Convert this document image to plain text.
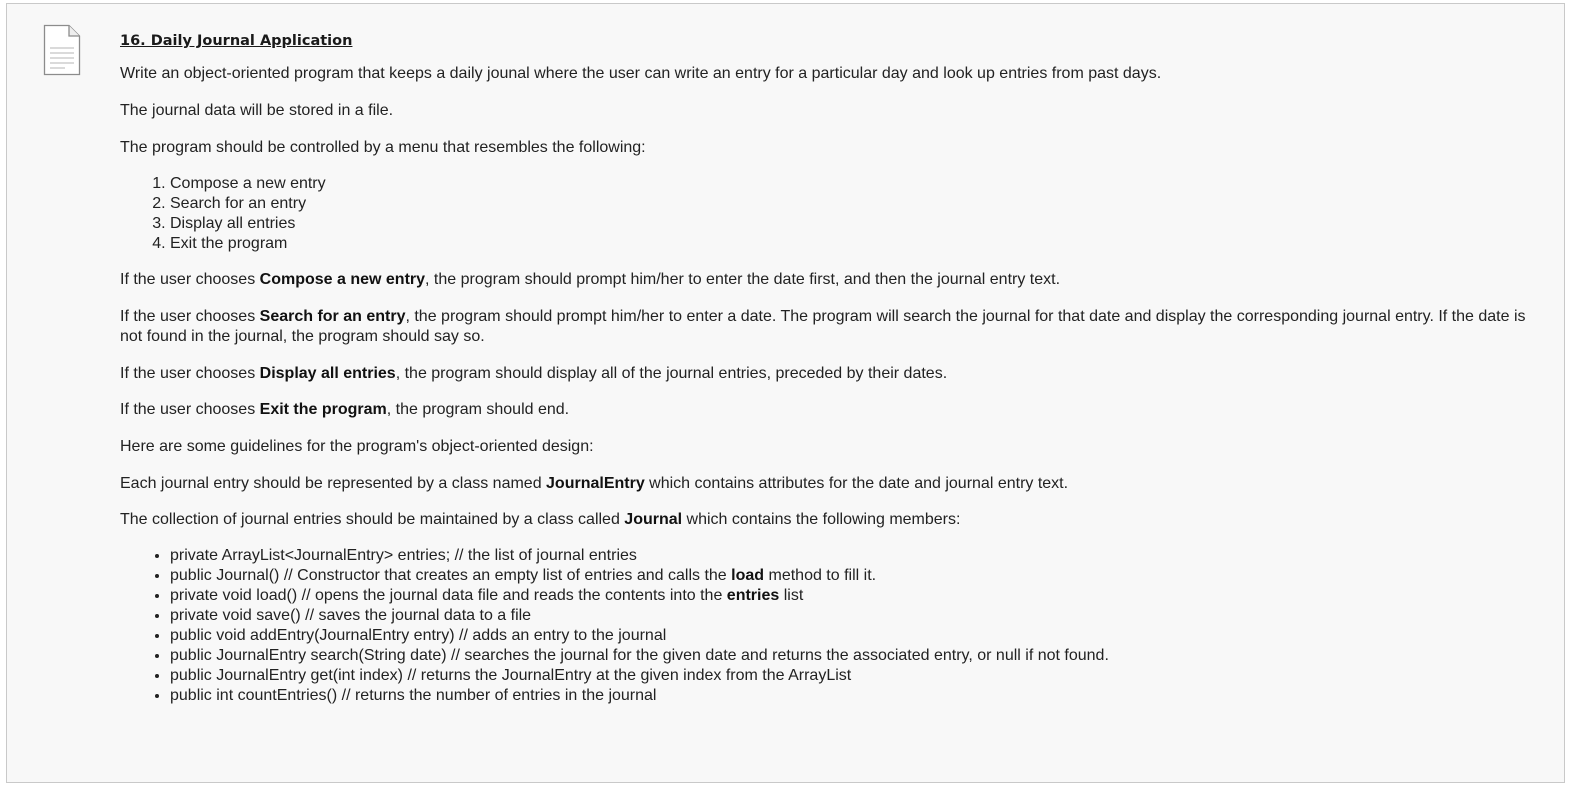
16. Daily Journal Application

Write an object-oriented program that keeps a daily jounal where the user can write an entry for a particular day and look up entries from past days.

The journal data will be stored in a file.

The program should be controlled by a menu that resembles the following:

1. Compose a new entry
2. Search for an entry
3. Display all entries
4. Exit the program

If the user chooses Compose a new entry, the program should prompt him/her to enter the date first, and then the journal entry text.

If the user chooses Search for an entry, the program should prompt him/her to enter a date. The program will search the journal for that date and display the corresponding journal entry. If the date is not found in the journal, the program should say so.

If the user chooses Display all entries, the program should display all of the journal entries, preceded by their dates.

If the user chooses Exit the program, the program should end.

Here are some guidelines for the program's object-oriented design:

Each journal entry should be represented by a class named JournalEntry which contains attributes for the date and journal entry text.

The collection of journal entries should be maintained by a class called Journal which contains the following members:

• private ArrayList<JournalEntry> entries; // the list of journal entries
• public Journal() // Constructor that creates an empty list of entries and calls the load method to fill it.
• private void load() // opens the journal data file and reads the contents into the entries list
• private void save() // saves the journal data to a file
• public void addEntry(JournalEntry entry) // adds an entry to the journal
• public JournalEntry search(String date) // searches the journal for the given date and returns the associated entry, or null if not found.
• public JournalEntry get(int index) // returns the JournalEntry at the given index from the ArrayList
• public int countEntries() // returns the number of entries in the journal
